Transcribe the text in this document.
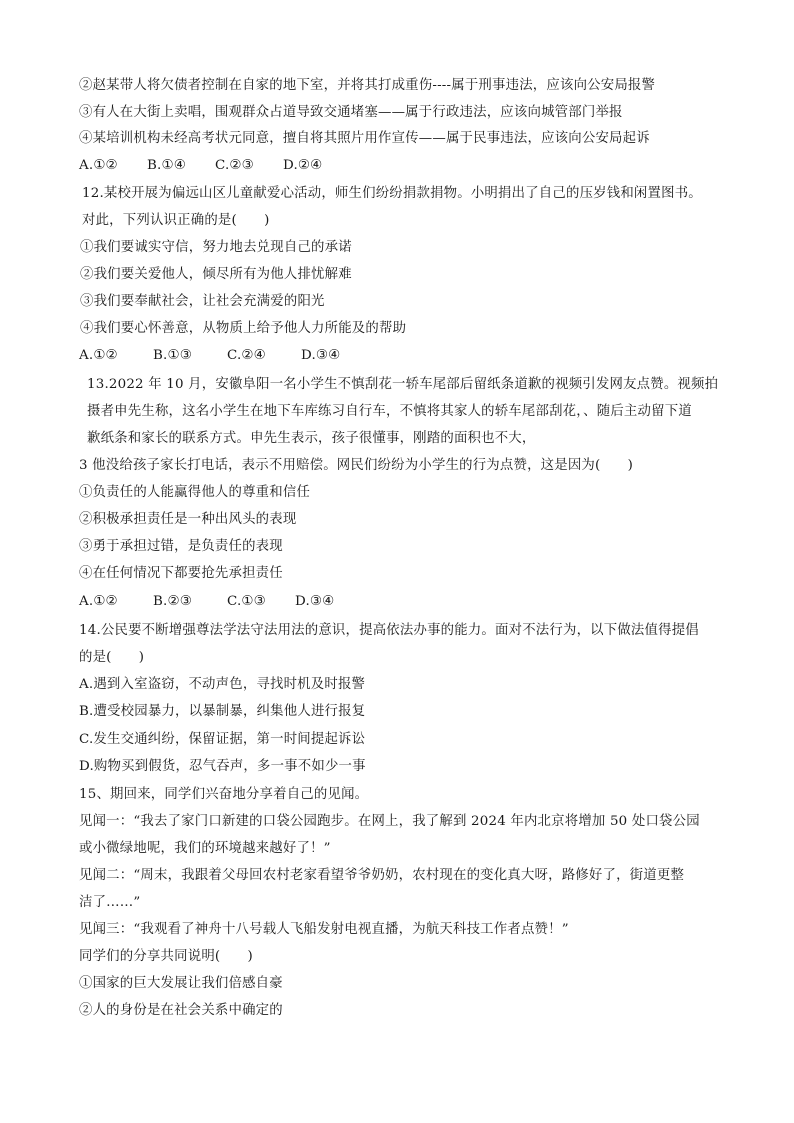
②赵某带人将欠债者控制在自家的地下室，并将其打成重伤----属于刑事违法，应该向公安局报警
③有人在大街上卖唱，围观群众占道导致交通堵塞——属于行政违法，应该向城管部门举报
④某培训机构未经高考状元同意，擅自将其照片用作宣传——属于民事违法，应该向公安局起诉
A.①② B.①④ C.②③ D.②④
12.某校开展为偏远山区儿童献爱心活动，师生们纷纷捐款捐物。小明捐出了自己的压岁钱和闲置图书。
对此，下列认识正确的是(　　)
①我们要诚实守信，努力地去兑现自己的承诺
②我们要关爱他人，倾尽所有为他人排忧解难
③我们要奉献社会，让社会充满爱的阳光
④我们要心怀善意，从物质上给予他人力所能及的帮助
A.①②	B.①③	C.②④	D.③④
13.2022 年 10 月，安徽阜阳一名小学生不慎刮花一轿车尾部后留纸条道歉的视频引发网友点赞。视频拍
摄者申先生称，这名小学生在地下车库练习自行车，不慎将其家人的轿车尾部刮花，、随后主动留下道
歉纸条和家长的联系方式。申先生表示，孩子很懂事，刚踏的面积也不大，
3 他没给孩子家长打电话，表示不用赔偿。网民们纷纷为小学生的行为点赞，这是因为(　　)
①负责任的人能赢得他人的尊重和信任
②积极承担责任是一种出风头的表现
③勇于承担过错，是负责任的表现
④在任何情况下都要抢先承担责任
A.①②	B.②③	C.①③ D.③④
14.公民要不断增强尊法学法守法用法的意识，提高依法办事的能力。面对不法行为，以下做法值得提倡
的是(　　)
A.遇到入室盗窃，不动声色，寻找时机及时报警
B.遭受校园暴力，以暴制暴，纠集他人进行报复
C.发生交通纠纷，保留证据，第一时间提起诉讼
D.购物买到假货，忍气吞声，多一事不如少一事
15、期回来，同学们兴奋地分享着自己的见闻。
见闻一：“我去了家门口新建的口袋公园跑步。在网上，我了解到 2024 年内北京将增加 50 处口袋公园
或小微绿地呢，我们的环境越来越好了！”
见闻二：“周末，我跟着父母回农村老家看望爷爷奶奶，农村现在的变化真大呀，路修好了，街道更整
洁了……”
见闻三：“我观看了神舟十八号载人飞船发射电视直播，为航天科技工作者点赞！”
同学们的分享共同说明(　　)
①国家的巨大发展让我们倍感自豪
②人的身份是在社会关系中确定的
